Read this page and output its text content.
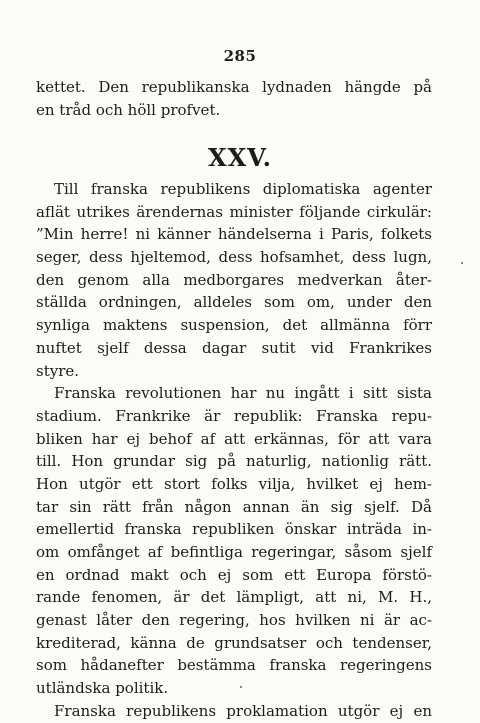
285
kettet. Den republikanska lydnaden hängde på
en tråd och höll profvet.
XXV.
Till franska republikens diplomatiska agenter
aflät utrikes ärendernas minister följande cirkulär:
”Min herre! ni känner händelserna i Paris, folkets
seger, dess hjeltemod, dess hofsamhet, dess lugn,
den genom alla medborgares medverkan åter-
ställda ordningen, alldeles som om, under den
synliga maktens suspension, det allmänna förr
nuftet sjelf dessa dagar sutit vid Frankrikes
styre.
Franska revolutionen har nu ingått i sitt sista
stadium. Frankrike är republik: Franska repu-
bliken har ej behof af att erkännas, för att vara
till. Hon grundar sig på naturlig, nationlig rätt.
Hon utgör ett stort folks vilja, hvilket ej hem-
tar sin rätt från någon annan än sig sjelf. Då
emellertid franska republiken önskar inträda in-
om omfånget af befintliga regeringar, såsom sjelf
en ordnad makt och ej som ett Europa förstö-
rande fenomen, är det lämpligt, att ni, M. H.,
genast låter den regering, hos hvilken ni är ac-
krediterad, känna de grundsatser och tendenser,
som hådanefter bestämma franska regeringens
utländska politik.
Franska republikens proklamation utgör ej en
